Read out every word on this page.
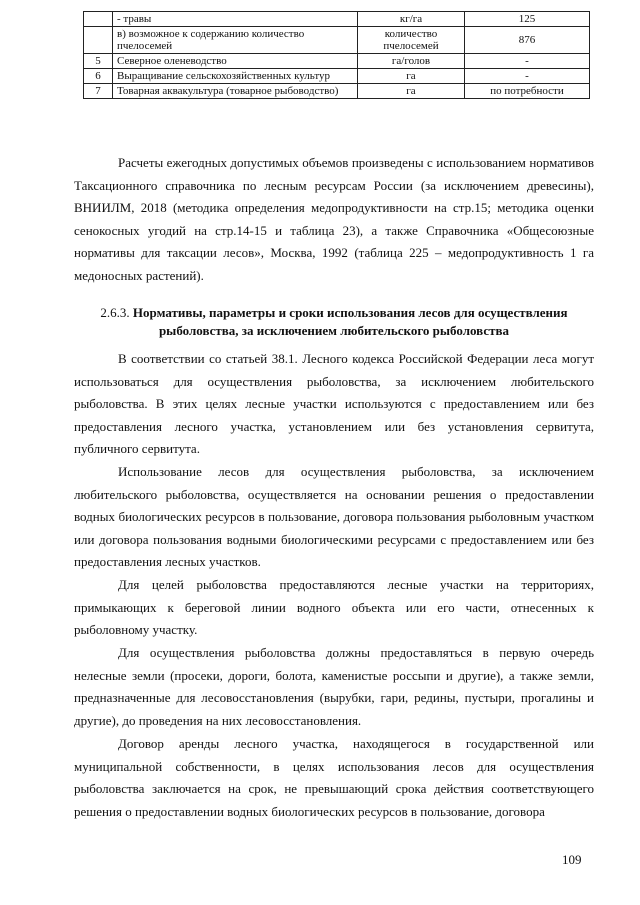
	- травы	кг/га	125
	в) возможное к содержанию количество пчелосемей	количество пчелосемей	876
5	Северное оленеводство	га/голов	-
6	Выращивание сельскохозяйственных культур	га	-
7	Товарная аквакультура (товарное рыбоводство)	га	по потребности

Расчеты ежегодных допустимых объемов произведены с использованием нормативов Таксационного справочника по лесным ресурсам России (за исключением древесины), ВНИИЛМ, 2018 (методика определения медопродуктивности на стр.15; методика оценки сенокосных угодий на стр.14-15 и таблица 23), а также Справочника «Общесоюзные нормативы для таксации лесов», Москва, 1992 (таблица 225 – медопродуктивность 1 га медоносных растений).

2.6.3. Нормативы, параметры и сроки использования лесов для осуществления рыболовства, за исключением любительского рыболовства

В соответствии со статьей 38.1. Лесного кодекса Российской Федерации леса могут использоваться для осуществления рыболовства, за исключением любительского рыболовства. В этих целях лесные участки используются с предоставлением или без предоставления лесного участка, установлением или без установления сервитута, публичного сервитута.

Использование лесов для осуществления рыболовства, за исключением любительского рыболовства, осуществляется на основании решения о предоставлении водных биологических ресурсов в пользование, договора пользования рыболовным участком или договора пользования водными биологическими ресурсами с предоставлением или без предоставления лесных участков.

Для целей рыболовства предоставляются лесные участки на территориях, примыкающих к береговой линии водного объекта или его части, отнесенных к рыболовному участку.

Для осуществления рыболовства должны предоставляться в первую очередь нелесные земли (просеки, дороги, болота, каменистые россыпи и другие), а также земли, предназначенные для лесовосстановления (вырубки, гари, редины, пустыри, прогалины и другие), до проведения на них лесовосстановления.

Договор аренды лесного участка, находящегося в государственной или муниципальной собственности, в целях использования лесов для осуществления рыболовства заключается на срок, не превышающий срока действия соответствующего решения о предоставлении водных биологических ресурсов в пользование, договора

109
